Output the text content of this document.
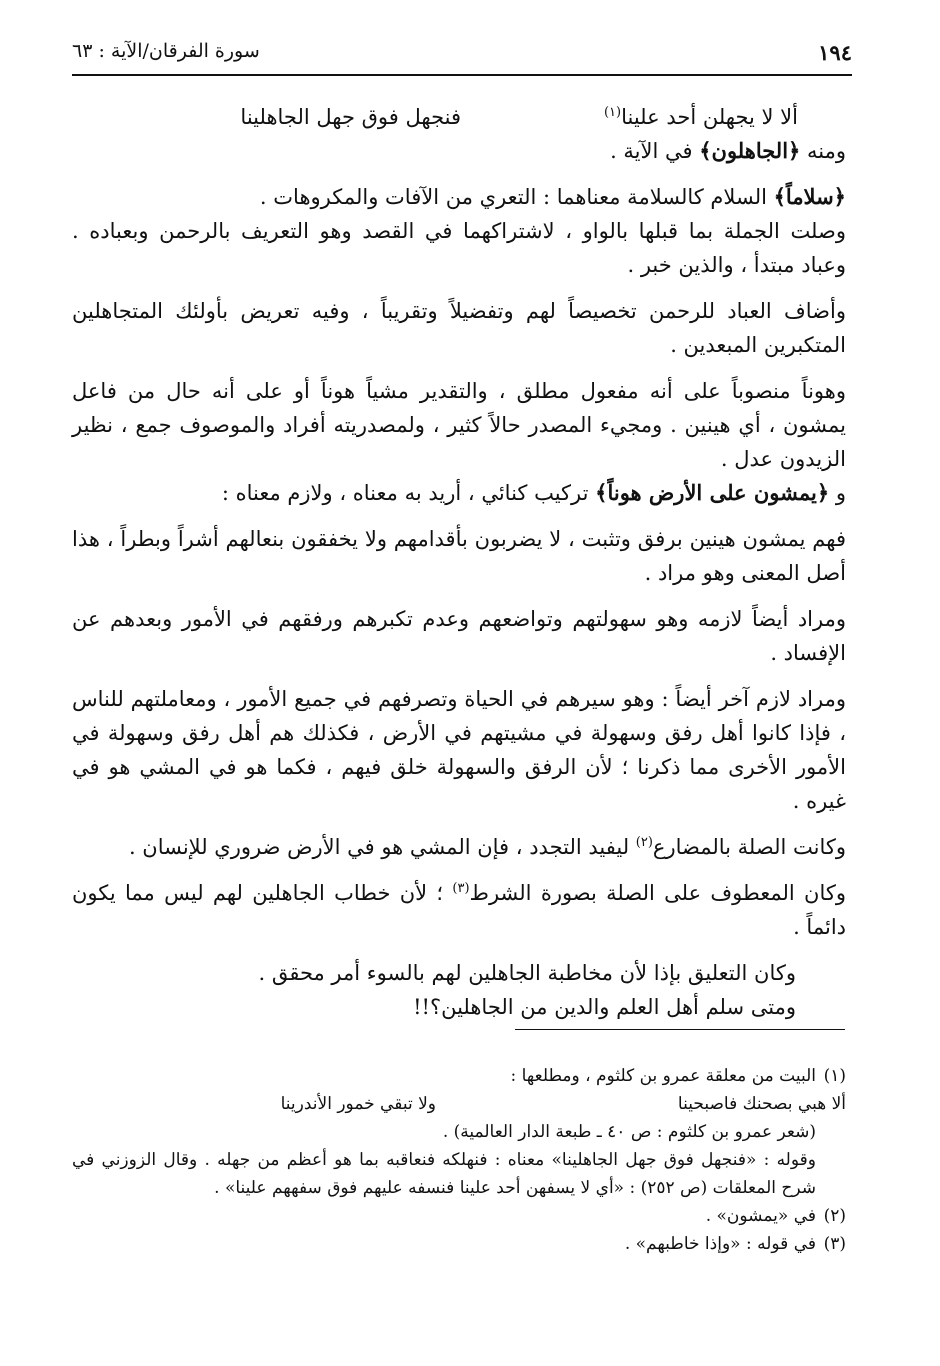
١٩٤
سورة الفرقان/الآية : ٦٣
ألا لا يجهلن أحد علينا$^{(١)}$
فنجهل فوق جهل الجاهلينا

ومنه ﴿الجاهلون﴾ في الآية .

﴿سلاماً﴾ السلام كالسلامة معناهما : التعري من الآفات والمكروهات .

وصلت الجملة بما قبلها بالواو ، لاشتراكهما في القصد وهو التعريف بالرحمن وبعباده . وعباد مبتدأ ، والذين خبر .

وأضاف العباد للرحمن تخصيصاً لهم وتفضيلاً وتقريباً ، وفيه تعريض بأولئك المتجاهلين المتكبرين المبعدين .

وهوناً منصوباً على أنه مفعول مطلق ، والتقدير مشياً هوناً أو على أنه حال من فاعل يمشون ، أي هينين . ومجيء المصدر حالاً كثير ، ولمصدريته أفراد والموصوف جمع ، نظير الزيدون عدل .

و ﴿يمشون على الأرض هوناً﴾ تركيب كنائي ، أريد به معناه ، ولازم معناه :

فهم يمشون هينين برفق وتثبت ، لا يضربون بأقدامهم ولا يخفقون بنعالهم أشراً وبطراً ، هذا أصل المعنى وهو مراد .

ومراد أيضاً لازمه وهو سهولتهم وتواضعهم وعدم تكبرهم ورفقهم في الأمور وبعدهم عن الإفساد .

ومراد لازم آخر أيضاً : وهو سيرهم في الحياة وتصرفهم في جميع الأمور ، ومعاملتهم للناس ، فإذا كانوا أهل رفق وسهولة في مشيتهم في الأرض ، فكذلك هم أهل رفق وسهولة في الأمور الأخرى مما ذكرنا ؛ لأن الرفق والسهولة خلق فيهم ، فكما هو في المشي هو في غيره .

وكانت الصلة بالمضارع$^{(٢)}$ ليفيد التجدد ، فإن المشي هو في الأرض ضروري للإنسان .

وكان المعطوف على الصلة بصورة الشرط$^{(٣)}$ ؛ لأن خطاب الجاهلين لهم ليس مما يكون دائماً .

وكان التعليق بإذا لأن مخاطبة الجاهلين لهم بالسوء أمر محقق .

ومتى سلم أهل العلم والدين من الجاهلين؟!!

(١)البيت من معلقة عمرو بن كلثوم ، ومطلعها :

ألا هبي بصحنك فاصبحينا
ولا تبقي خمور الأندرينا

(شعر عمرو بن كلثوم : ص ٤٠ ـ طبعة الدار العالمية) .

وقوله : «فنجهل فوق جهل الجاهلينا» معناه : فنهلكه فنعاقبه بما هو أعظم من جهله . وقال الزوزني في شرح المعلقات (ص ٢٥٢) : «أي لا يسفهن أحد علينا فنسفه عليهم فوق سفههم علينا» .

(٢)في «يمشون» .

(٣)في قوله : «وإذا خاطبهم» .
